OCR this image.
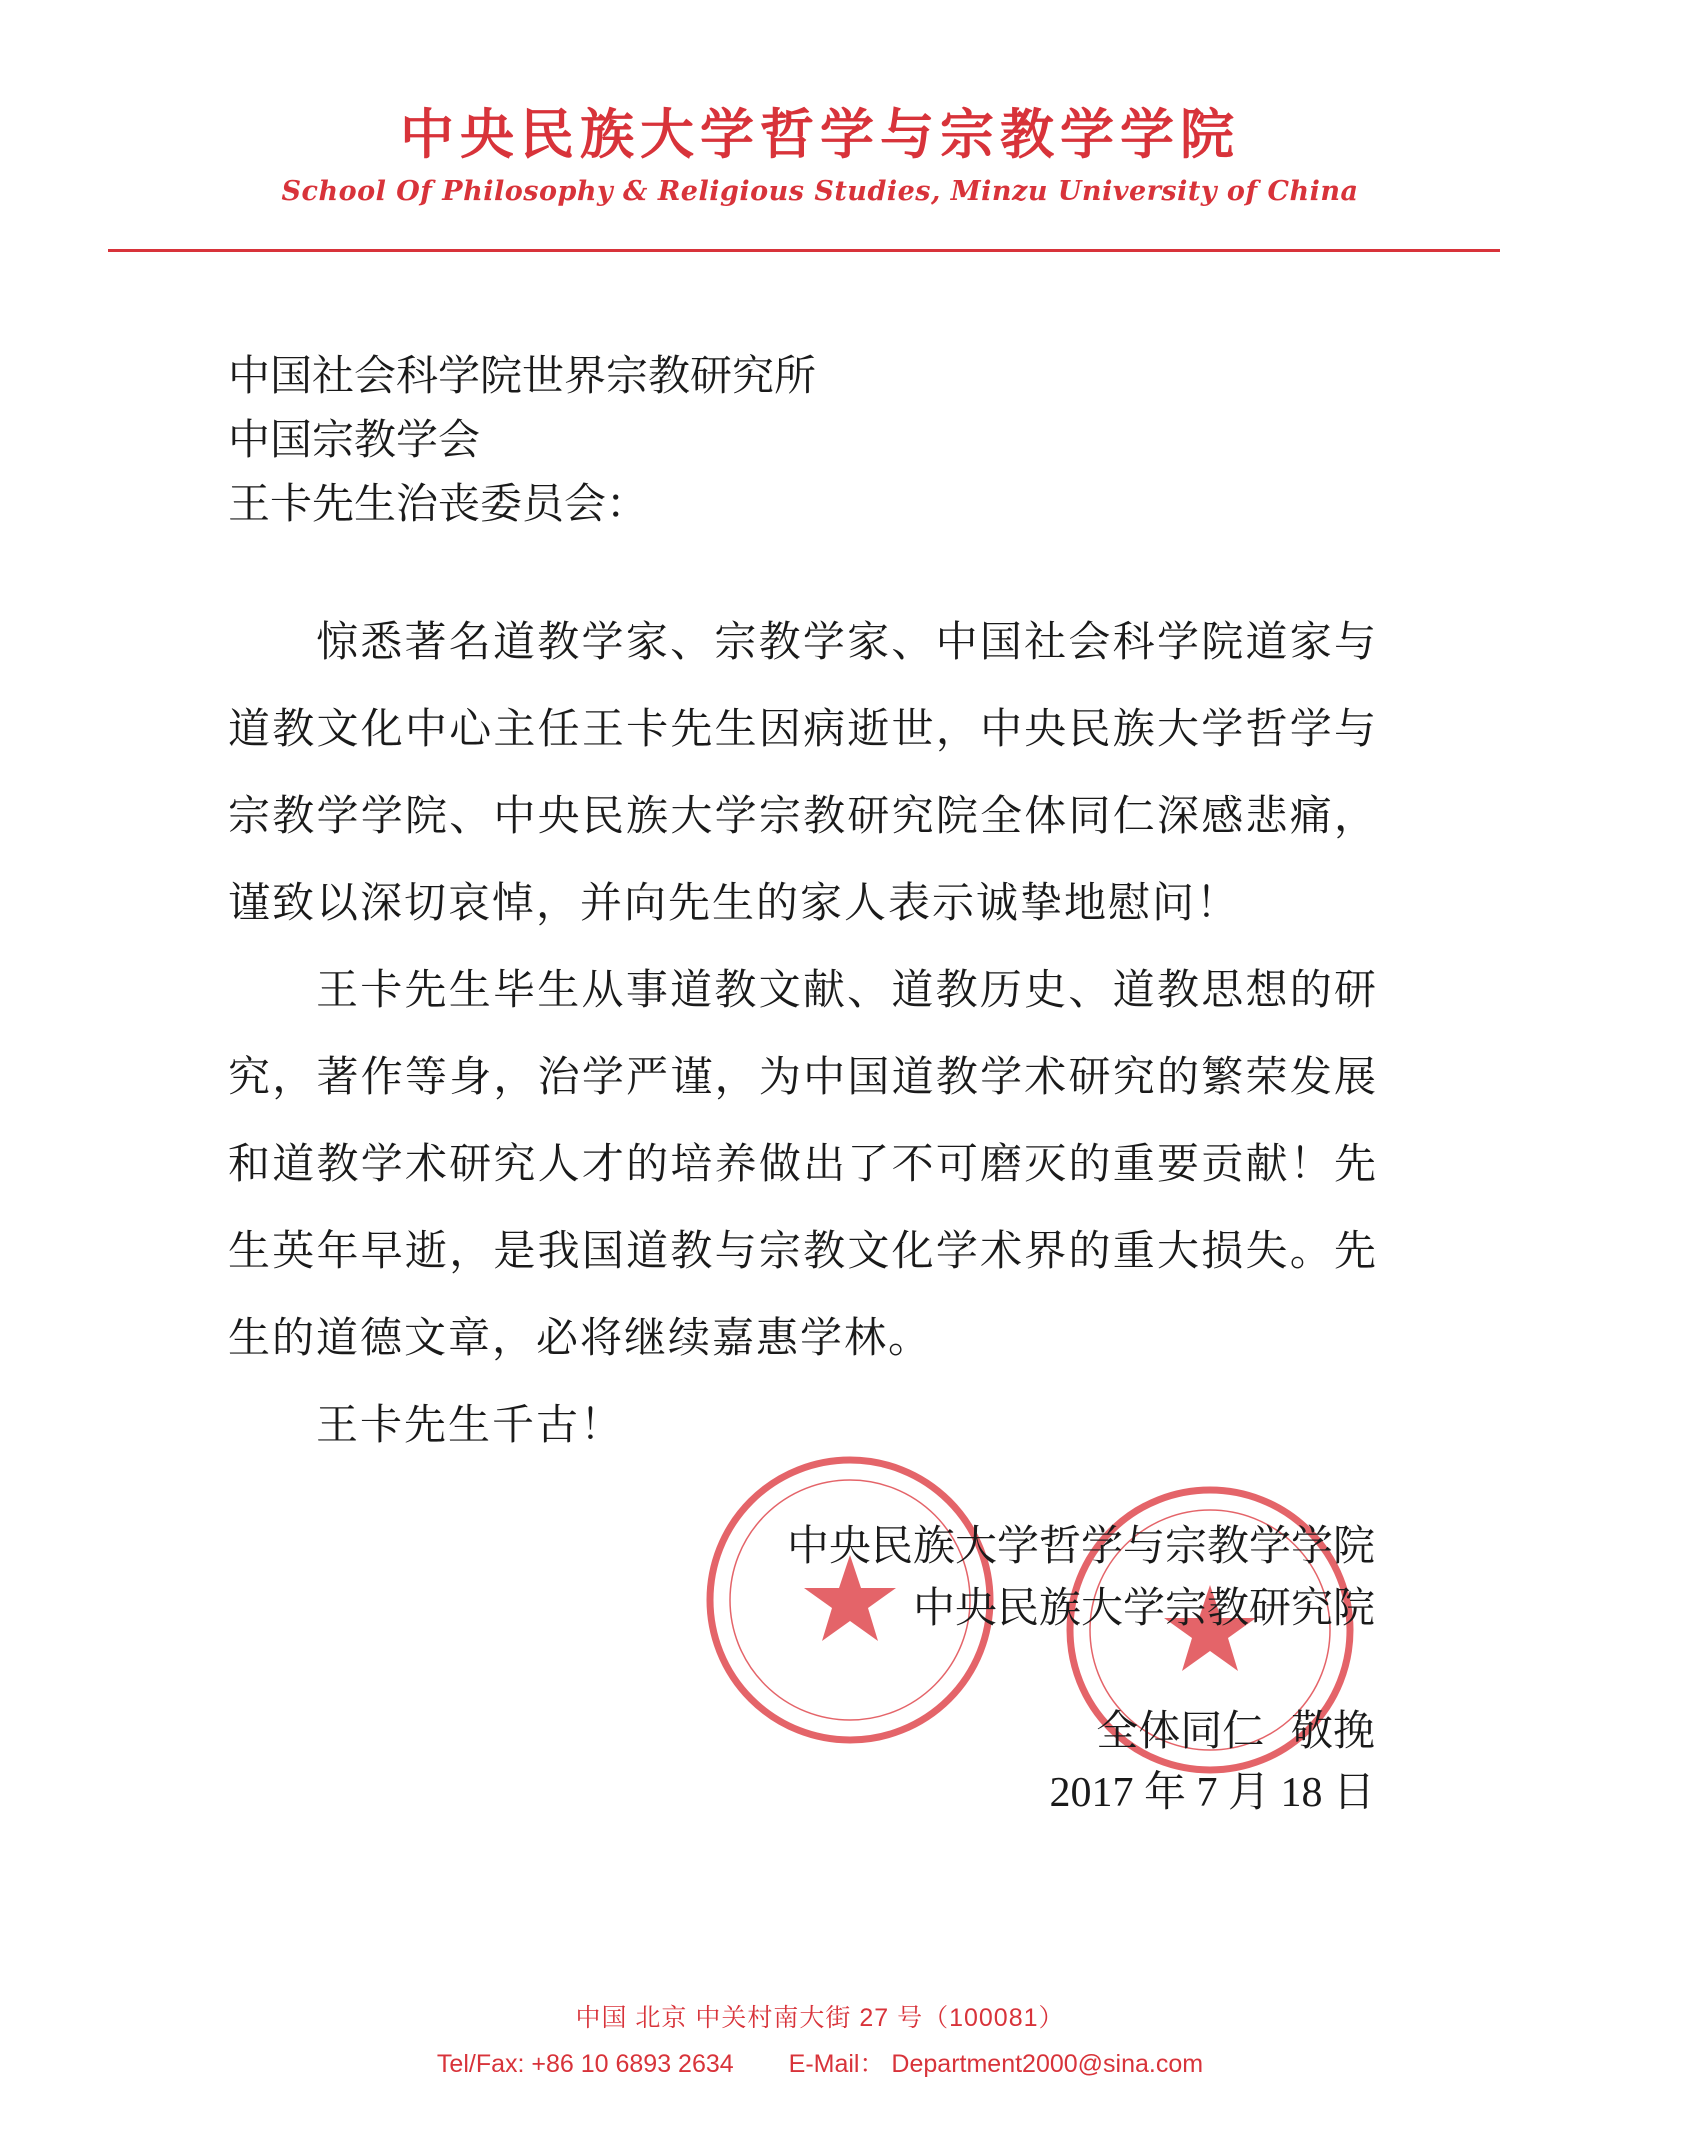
中央民族大学哲学与宗教学学院
School Of Philosophy & Religious Studies, Minzu University of China
中国社会科学院世界宗教研究所
中国宗教学会
王卡先生治丧委员会：

惊悉著名道教学家、宗教学家、中国社会科学院道家与道教文化中心主任王卡先生因病逝世，中央民族大学哲学与宗教学学院、中央民族大学宗教研究院全体同仁深感悲痛，谨致以深切哀悼，并向先生的家人表示诚挚地慰问！

王卡先生毕生从事道教文献、道教历史、道教思想的研究，著作等身，治学严谨，为中国道教学术研究的繁荣发展和道教学术研究人才的培养做出了不可磨灭的重要贡献！先生英年早逝，是我国道教与宗教文化学术界的重大损失。先生的道德文章，必将继续嘉惠学林。

王卡先生千古！

中央民族大学哲学与宗教学学院
中央民族大学宗教研究院
全体同仁  敬挽
2017 年 7 月 18 日
中国 北京 中关村南大街 27 号（100081）
Tel/Fax: +86 10 6893 2634 E-Mail： Department2000@sina.com
